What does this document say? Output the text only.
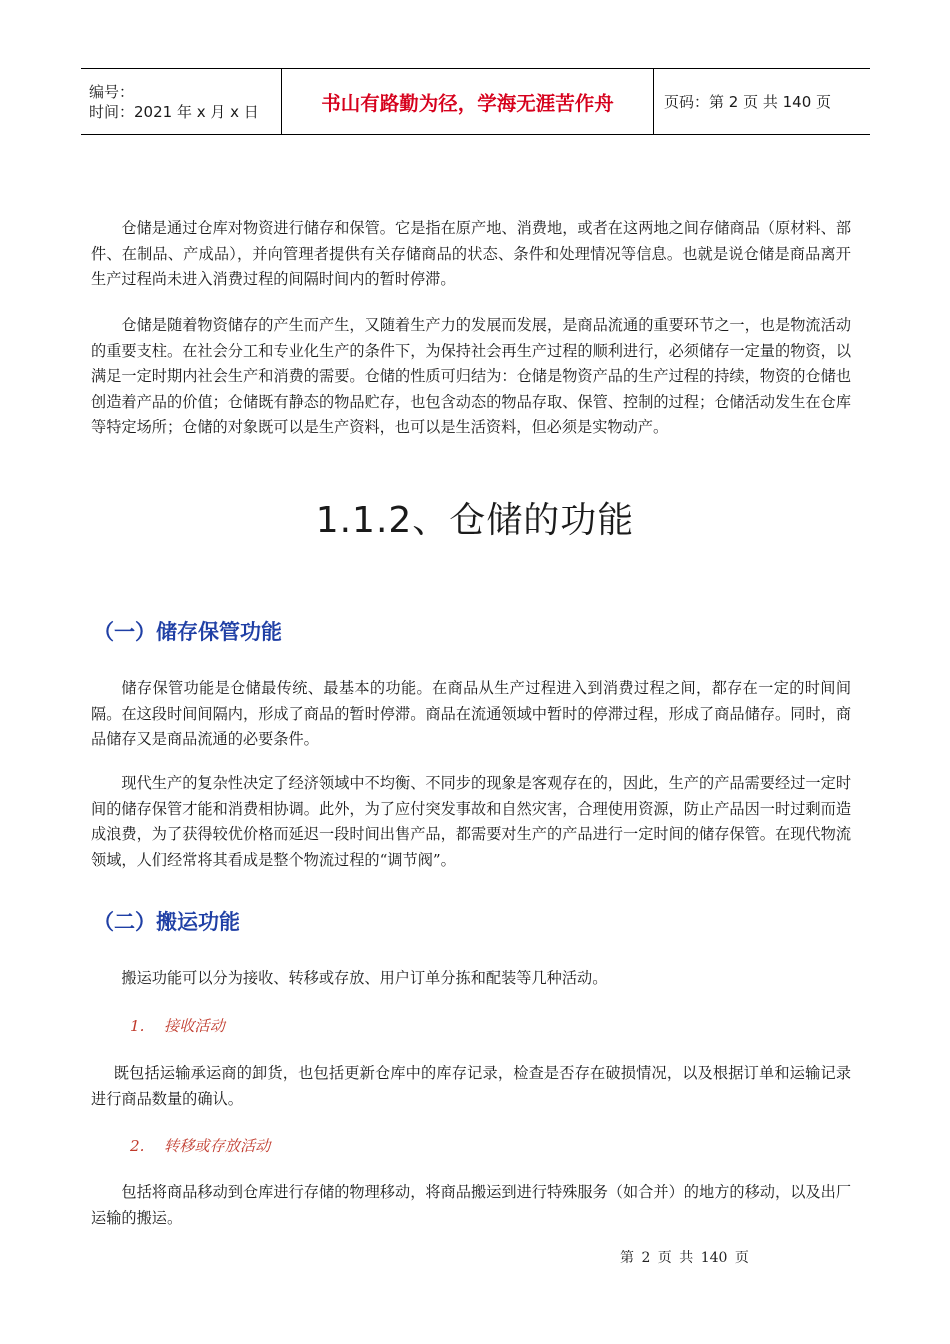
编号：
时间：2021 年 x 月 x 日	书山有路勤为径，学海无涯苦作舟	页码：第 2 页 共 140 页

仓储是通过仓库对物资进行储存和保管。它是指在原产地、消费地，或者在这两地之间存储商品（原材料、部件、在制品、产成品），并向管理者提供有关存储商品的状态、条件和处理情况等信息。也就是说仓储是商品离开生产过程尚未进入消费过程的间隔时间内的暂时停滞。

仓储是随着物资储存的产生而产生，又随着生产力的发展而发展，是商品流通的重要环节之一，也是物流活动的重要支柱。在社会分工和专业化生产的条件下，为保持社会再生产过程的顺利进行，必须储存一定量的物资，以满足一定时期内社会生产和消费的需要。仓储的性质可归结为：仓储是物资产品的生产过程的持续，物资的仓储也创造着产品的价值；仓储既有静态的物品贮存，也包含动态的物品存取、保管、控制的过程；仓储活动发生在仓库等特定场所；仓储的对象既可以是生产资料，也可以是生活资料，但必须是实物动产。

1.1.2、仓储的功能
（一）储存保管功能

储存保管功能是仓储最传统、最基本的功能。在商品从生产过程进入到消费过程之间，都存在一定的时间间隔。在这段时间间隔内，形成了商品的暂时停滞。商品在流通领域中暂时的停滞过程，形成了商品储存。同时，商品储存又是商品流通的必要条件。

现代生产的复杂性决定了经济领域中不均衡、不同步的现象是客观存在的，因此，生产的产品需要经过一定时间的储存保管才能和消费相协调。此外，为了应付突发事故和自然灾害，合理使用资源，防止产品因一时过剩而造成浪费，为了获得较优价格而延迟一段时间出售产品，都需要对生产的产品进行一定时间的储存保管。在现代物流领域，人们经常将其看成是整个物流过程的“调节阀”。

（二）搬运功能

搬运功能可以分为接收、转移或存放、用户订单分拣和配装等几种活动。

1. 接收活动

既包括运输承运商的卸货，也包括更新仓库中的库存记录，检查是否存在破损情况，以及根据订单和运输记录进行商品数量的确认。

2. 转移或存放活动

包括将商品移动到仓库进行存储的物理移动，将商品搬运到进行特殊服务（如合并）的地方的移动，以及出厂运输的搬运。

第 2 页 共 140 页
